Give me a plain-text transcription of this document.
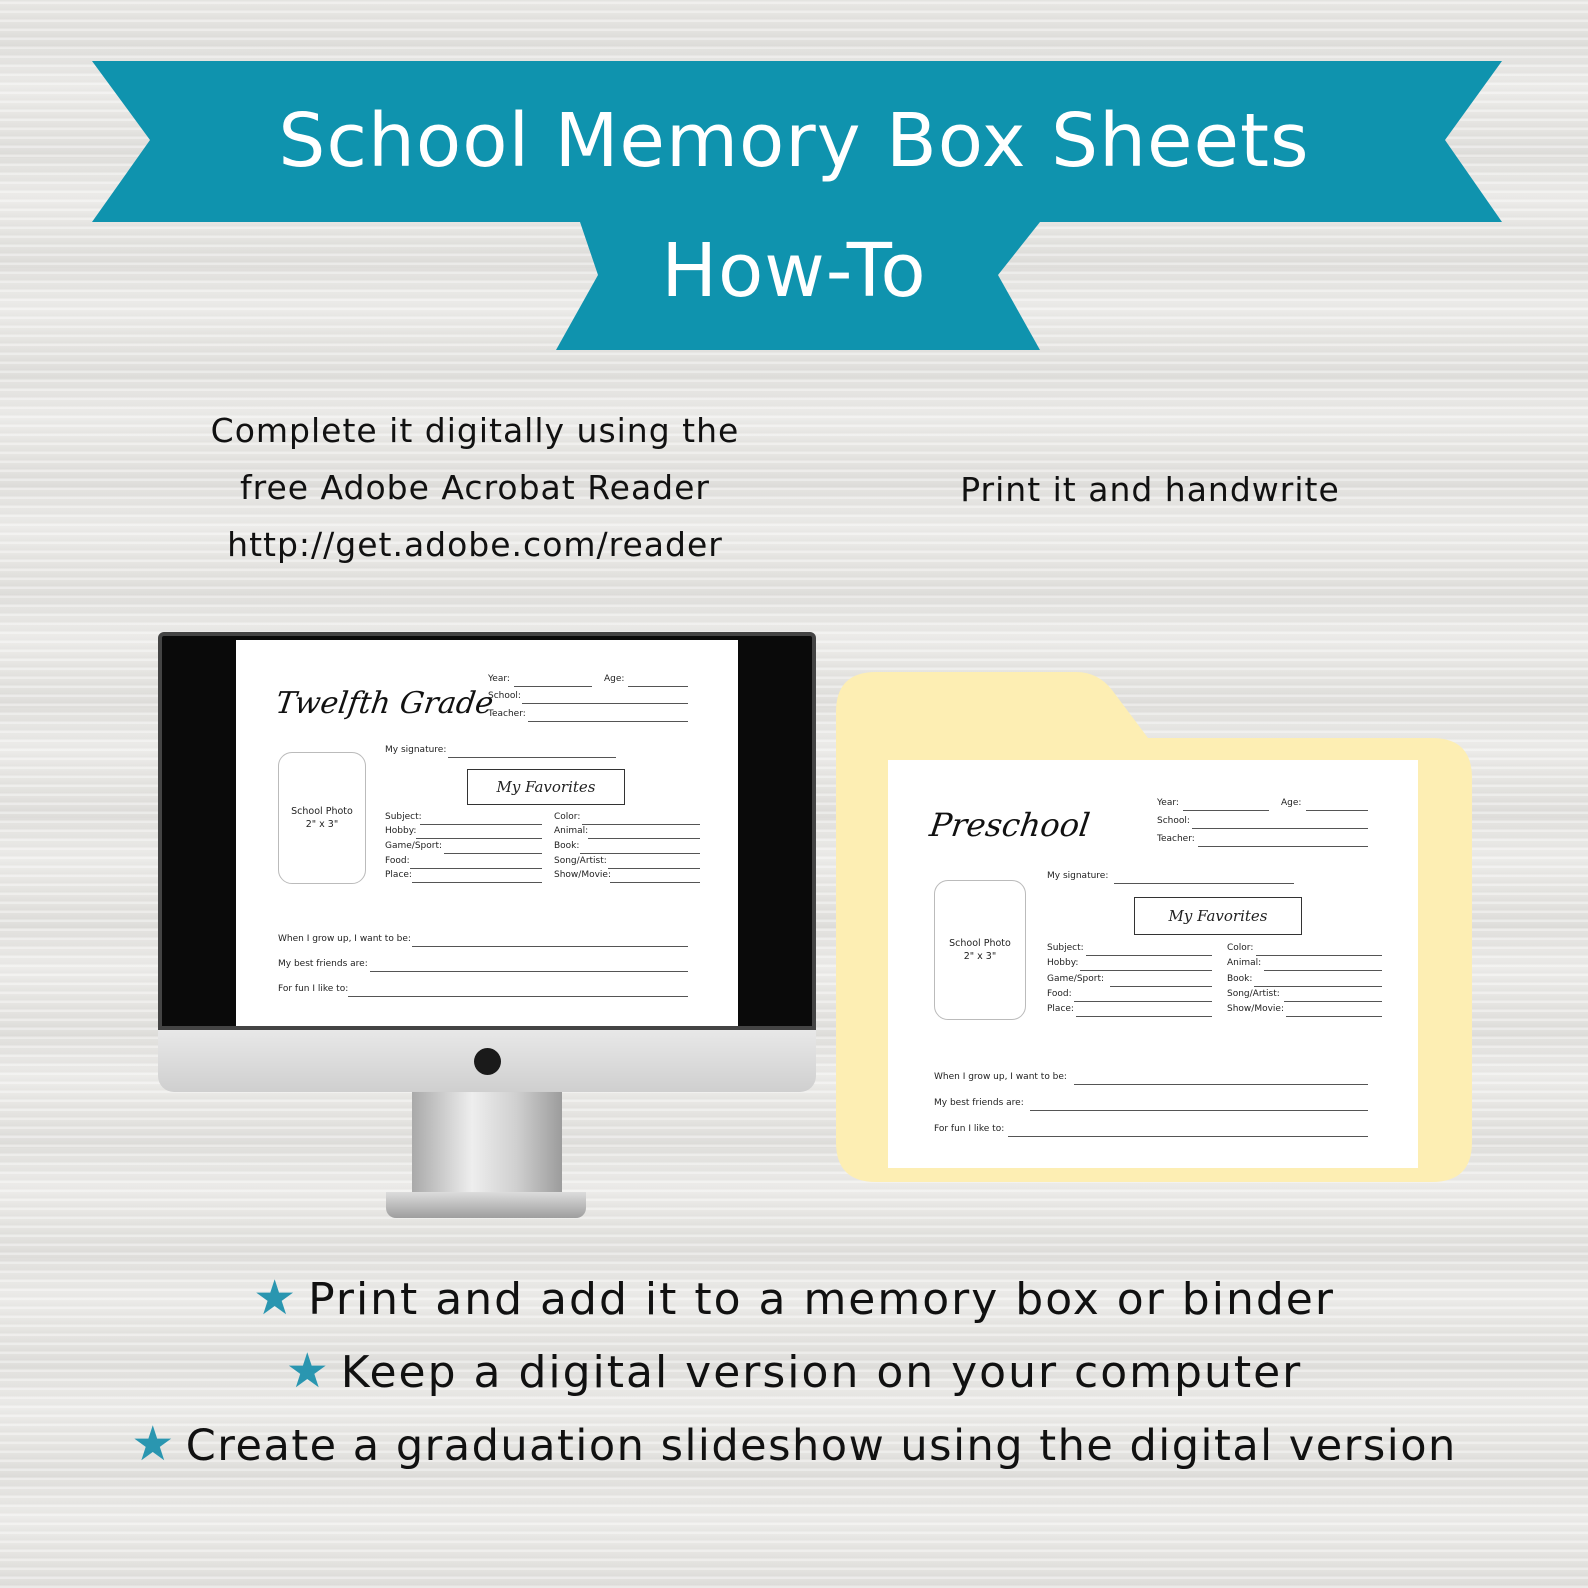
School Memory Box Sheets
How-To
Complete it digitally using the
free Adobe Acrobat Reader
http://get.adobe.com/reader
Print it and handwrite
Twelfth Grade
Year:	Age:
School:
Teacher:
School Photo
2" x 3"
My signature:
My Favorites
Subject:
Hobby:
Game/Sport:
Food:
Place:
Color:
Animal:
Book:
Song/Artist:
Show/Movie:
When I grow up, I want to be:
My best friends are:
For fun I like to:
Preschool
Year:	Age:
School:
Teacher:
School Photo
2" x 3"
My signature:
My Favorites
Subject:
Hobby:
Game/Sport:
Food:
Place:
Color:
Animal:
Book:
Song/Artist:
Show/Movie:
When I grow up, I want to be:
My best friends are:
For fun I like to:
★ Print and add it to a memory box or binder
★ Keep a digital version on your computer
★ Create a graduation slideshow using the digital version
